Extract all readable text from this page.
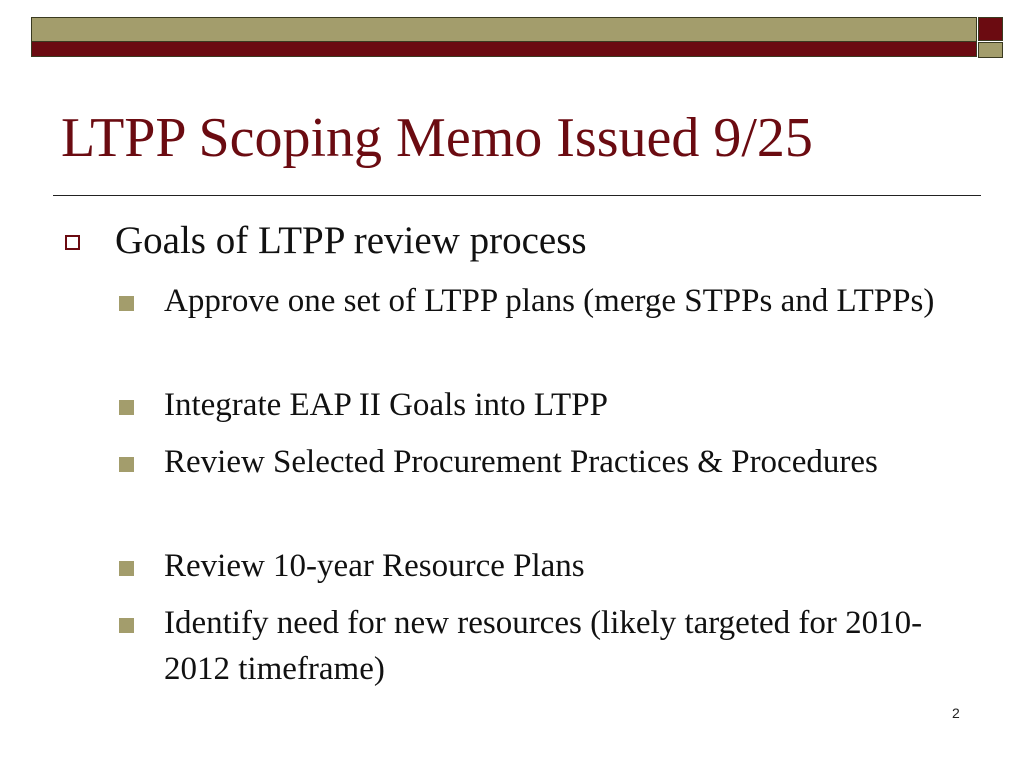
LTPP Scoping Memo Issued 9/25
Goals of LTPP review process
Approve one set of LTPP plans (merge STPPs and LTPPs)
Integrate EAP II Goals into LTPP
Review Selected Procurement Practices & Procedures
Review 10-year Resource Plans
Identify need for new resources (likely targeted for 2010-2012 timeframe)
2
